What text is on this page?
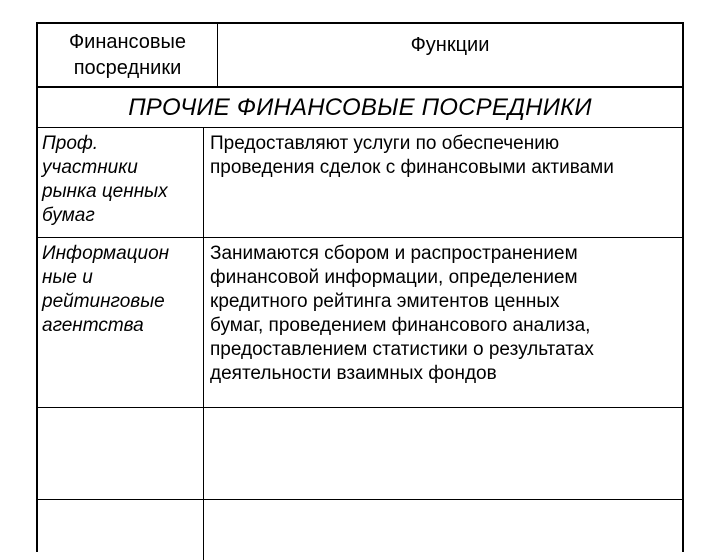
Финансовые
посредники
Функции
ПРОЧИЕ ФИНАНСОВЫЕ ПОСРЕДНИКИ
Проф.
участники
рынка ценных
бумаг
Предоставляют услуги по обеспечению
проведения сделок с финансовыми активами
Информацион
ные и
рейтинговые
агентства
Занимаются сбором и распространением
финансовой информации, определением
кредитного рейтинга эмитентов ценных
бумаг, проведением финансового анализа,
предоставлением статистики о результатах
деятельности взаимных фондов
